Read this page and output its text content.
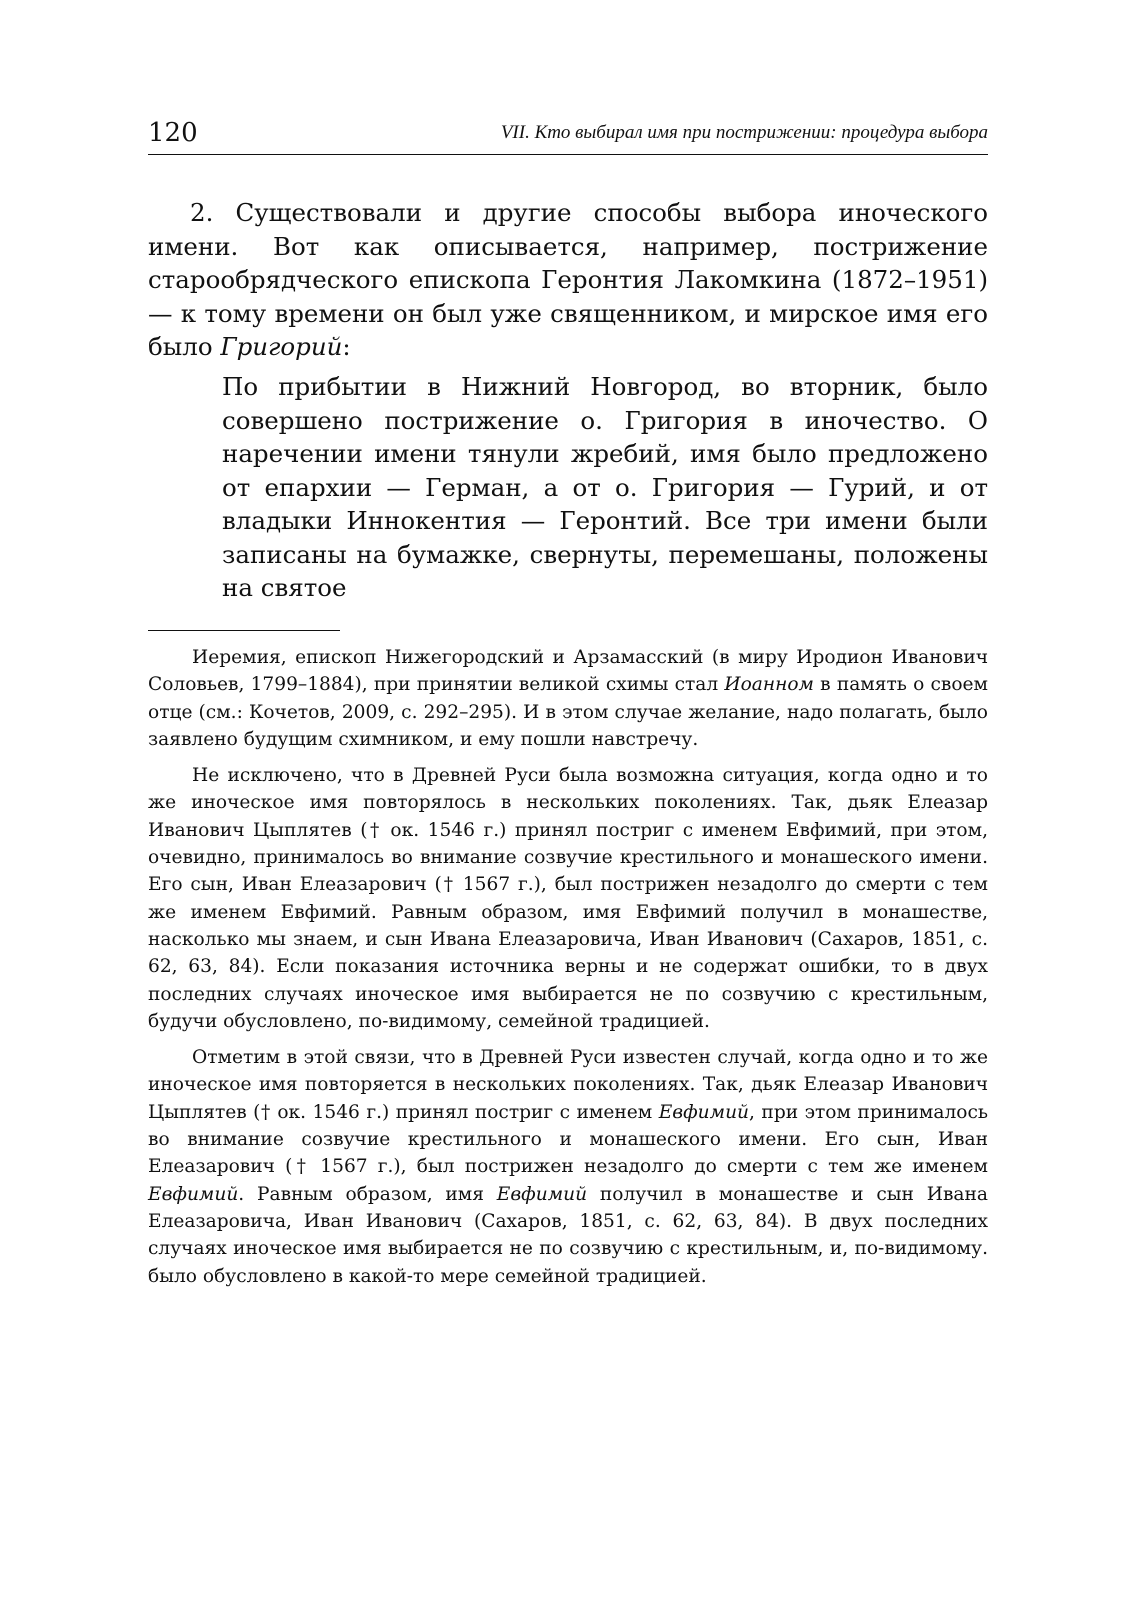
120	VII. Кто выбирал имя при пострижении: процедура выбора

2. Существовали и другие способы выбора иноческого имени. Вот как описывается, например, пострижение старообрядческого епископа Геронтия Лакомкина (1872–1951) — к тому времени он был уже священником, и мирское имя его было Григорий:

По прибытии в Нижний Новгород, во вторник, было совершено пострижение о. Григория в иночество. О наречении имени тянули жребий, имя было предложено от епархии — Герман, а от о. Григория — Гурий, и от владыки Иннокентия — Геронтий. Все три имени были записаны на бумажке, свернуты, перемешаны, положены на святое

Иеремия, епископ Нижегородский и Арзамасский (в миру Иродион Иванович Соловьев, 1799–1884), при принятии великой схимы стал Иоанном в память о своем отце (см.: Кочетов, 2009, с. 292–295). И в этом случае желание, надо полагать, было заявлено будущим схимником, и ему пошли навстречу.

Не исключено, что в Древней Руси была возможна ситуация, когда одно и то же иноческое имя повторялось в нескольких поколениях. Так, дьяк Елеазар Иванович Цыплятев († ок. 1546 г.) принял постриг с именем Евфимий, при этом, очевидно, принималось во внимание созвучие крестильного и монашеского имени. Его сын, Иван Елеазарович († 1567 г.), был пострижен незадолго до смерти с тем же именем Евфимий. Равным образом, имя Евфимий получил в монашестве, насколько мы знаем, и сын Ивана Елеазаровича, Иван Иванович (Сахаров, 1851, с. 62, 63, 84). Если показания источника верны и не содержат ошибки, то в двух последних случаях иноческое имя выбирается не по созвучию с крестильным, будучи обусловлено, по-видимому, семейной традицией.

Отметим в этой связи, что в Древней Руси известен случай, когда одно и то же иноческое имя повторяется в нескольких поколениях. Так, дьяк Елеазар Иванович Цыплятев († ок. 1546 г.) принял постриг с именем Евфимий, при этом принималось во внимание созвучие крестильного и монашеского имени. Его сын, Иван Елеазарович († 1567 г.), был пострижен незадолго до смерти с тем же именем Евфимий. Равным образом, имя Евфимий получил в монашестве и сын Ивана Елеазаровича, Иван Иванович (Сахаров, 1851, с. 62, 63, 84). В двух последних случаях иноческое имя выбирается не по созвучию с крестильным, и, по-видимому. было обусловлено в какой-то мере семейной традицией.
